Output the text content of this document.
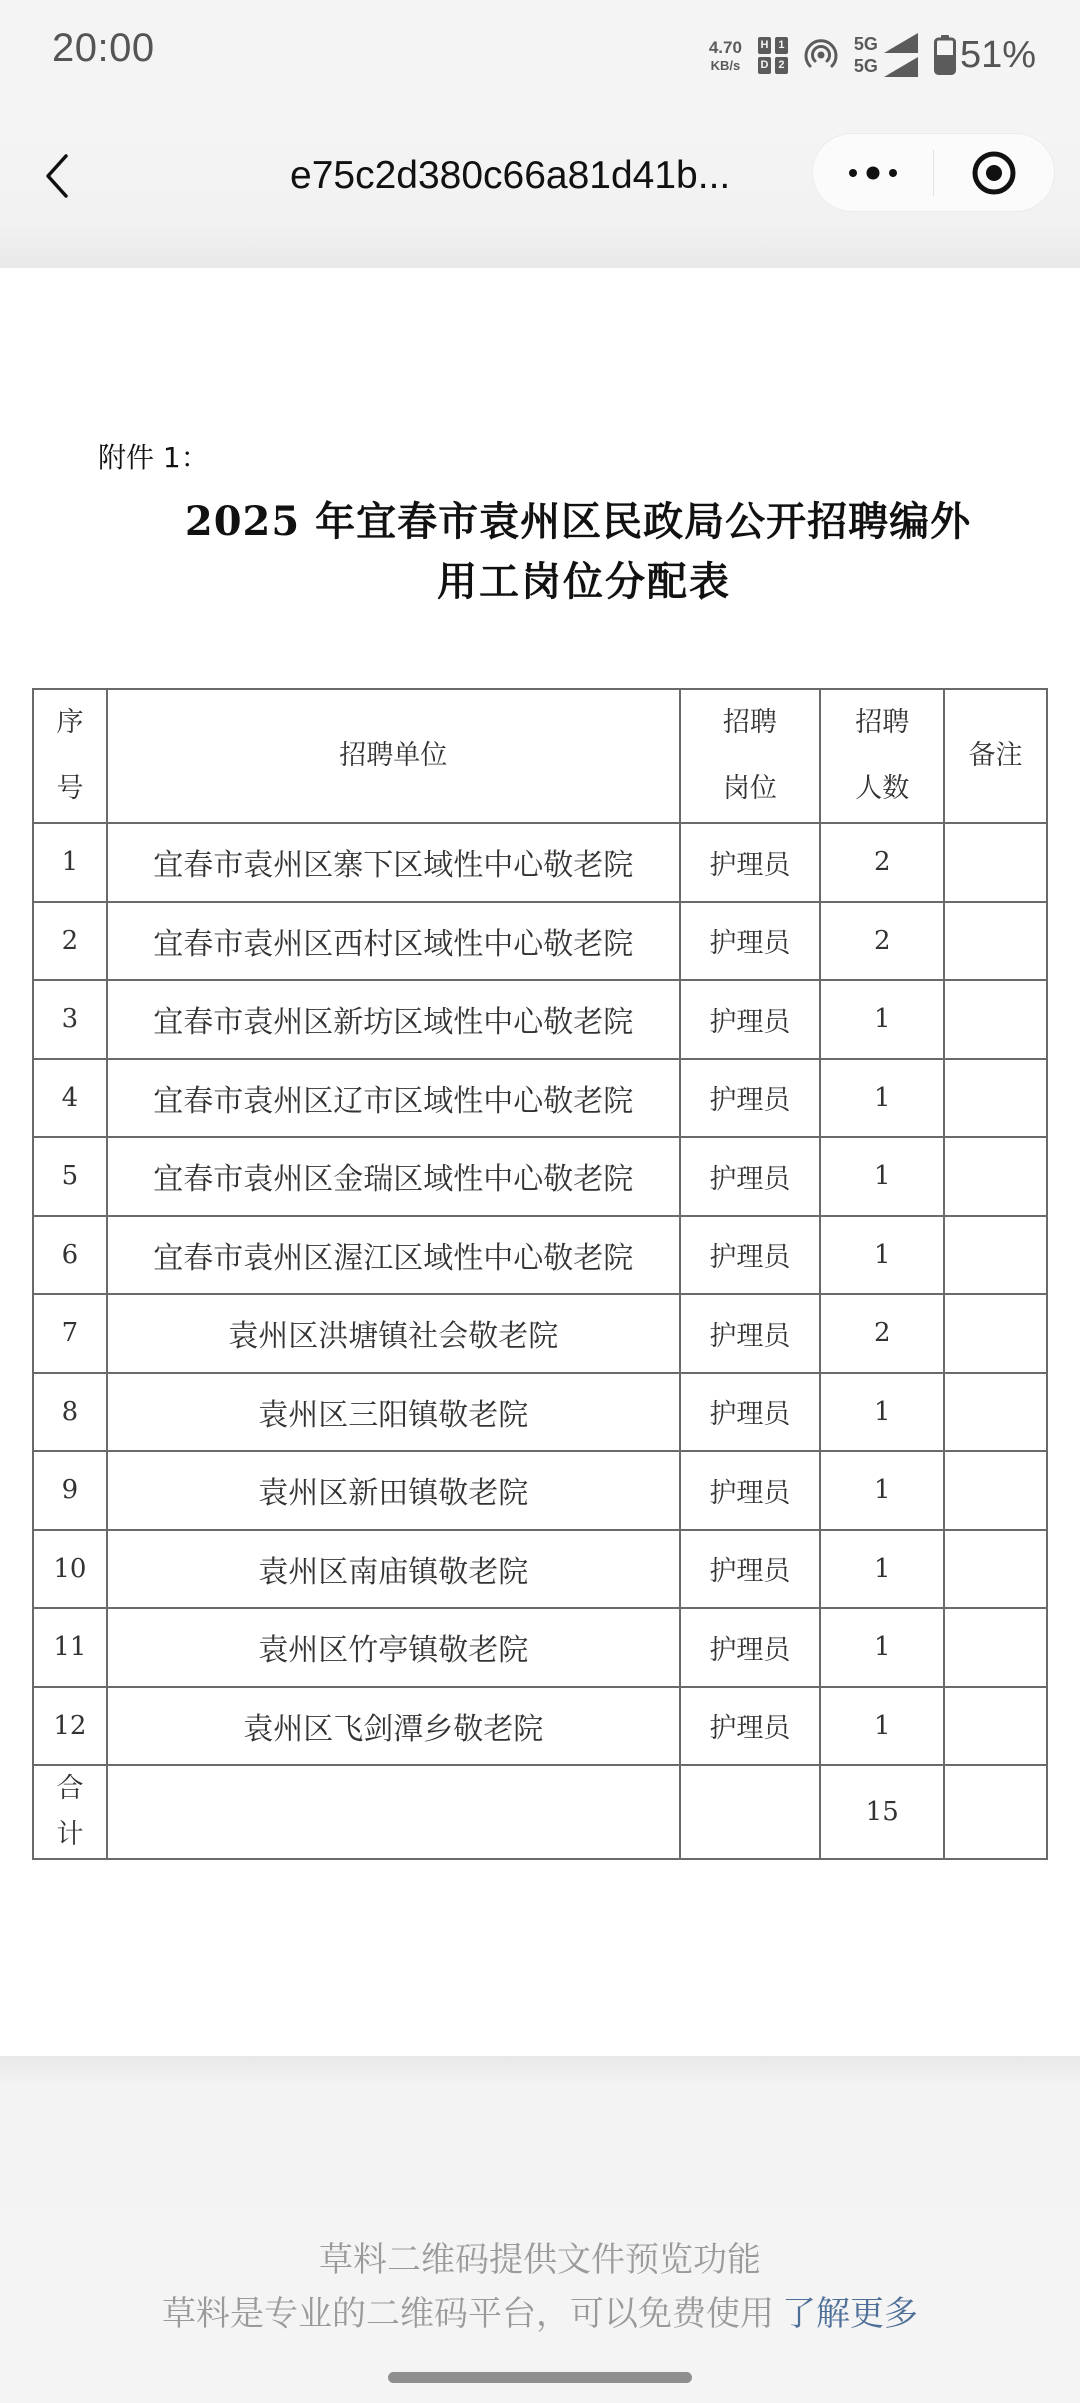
20:00	4.70
KB/s
H 1
D 2
5G
5G 51%
e75c2d380c66a81d41b...
附件 1：
2025 年宜春市袁州区民政局公开招聘编外
用工岗位分配表
序号	招聘单位	招聘岗位	招聘人数	备注
1	宜春市袁州区寨下区域性中心敬老院	护理员	2	
2	宜春市袁州区西村区域性中心敬老院	护理员	2	
3	宜春市袁州区新坊区域性中心敬老院	护理员	1	
4	宜春市袁州区辽市区域性中心敬老院	护理员	1	
5	宜春市袁州区金瑞区域性中心敬老院	护理员	1	
6	宜春市袁州区渥江区域性中心敬老院	护理员	1	
7	袁州区洪塘镇社会敬老院	护理员	2	
8	袁州区三阳镇敬老院	护理员	1	
9	袁州区新田镇敬老院	护理员	1	
10	袁州区南庙镇敬老院	护理员	1	
11	袁州区竹亭镇敬老院	护理员	1	
12	袁州区飞剑潭乡敬老院	护理员	1	
合计			15	
草料二维码提供文件预览功能
草料是专业的二维码平台，可以免费使用 了解更多
